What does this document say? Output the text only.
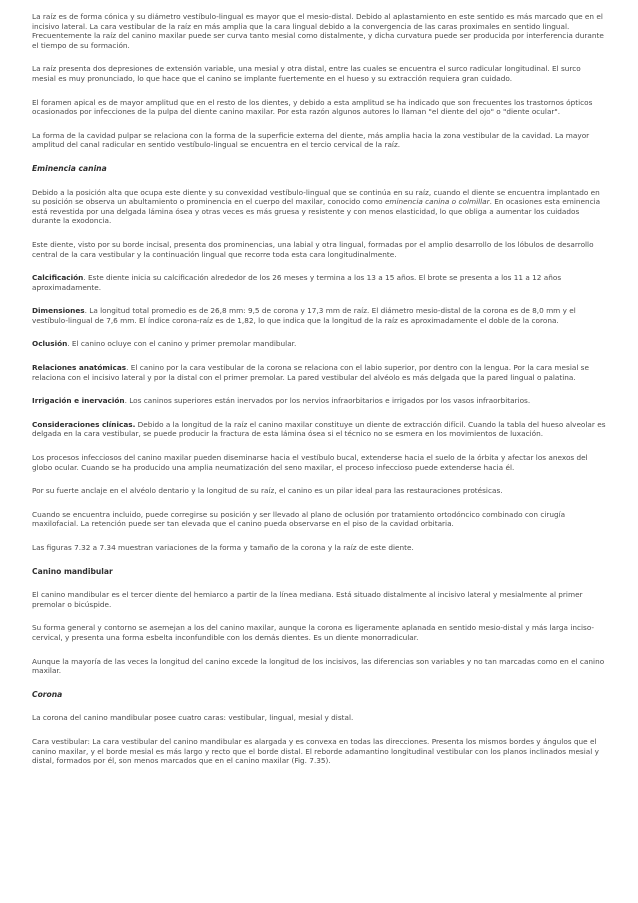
La raíz es de forma cónica y su diámetro vestíbulo-lingual es mayor que el mesio-distal. Debido al aplastamiento en este sentido es más marcado que en el incisivo lateral. La cara vestibular de la raíz en más amplia que la cara lingual debido a la convergencia de las caras proximales en sentido lingual. Frecuentemente la raíz del canino maxilar puede ser curva tanto mesial como distalmente, y dicha curvatura puede ser producida por interferencia durante el tiempo de su formación.

La raíz presenta dos depresiones de extensión variable, una mesial y otra distal, entre las cuales se encuentra el surco radicular longitudinal. El surco mesial es muy pronunciado, lo que hace que el canino se implante fuertemente en el hueso y su extracción requiera gran cuidado.

El foramen apical es de mayor amplitud que en el resto de los dientes, y debido a esta amplitud se ha indicado que son frecuentes los trastornos ópticos ocasionados por infecciones de la pulpa del diente canino maxilar. Por esta razón algunos autores lo llaman "el diente del ojo" o "diente ocular".

La forma de la cavidad pulpar se relaciona con la forma de la superficie externa del diente, más amplia hacia la zona vestibular de la cavidad. La mayor amplitud del canal radicular en sentido vestíbulo-lingual se encuentra en el tercio cervical de la raíz.

Eminencia canina

Debido a la posición alta que ocupa este diente y su convexidad vestíbulo-lingual que se continúa en su raíz, cuando el diente se encuentra implantado en su posición se observa un abultamiento o prominencia en el cuerpo del maxilar, conocido como eminencia canina o colmillar. En ocasiones esta eminencia está revestida por una delgada lámina ósea y otras veces es más gruesa y resistente y con menos elasticidad, lo que obliga a aumentar los cuidados durante la exodoncia.

Este diente, visto por su borde incisal, presenta dos prominencias, una labial y otra lingual, formadas por el amplio desarrollo de los lóbulos de desarrollo central de la cara vestibular y la continuación lingual que recorre toda esta cara longitudinalmente.

Calcificación. Este diente inicia su calcificación alrededor de los 26 meses y termina a los 13 a 15 años. El brote se presenta a los 11 a 12 años aproximadamente.

Dimensiones. La longitud total promedio es de 26,8 mm: 9,5 de corona y 17,3 mm de raíz. El diámetro mesio-distal de la corona es de 8,0 mm y el vestíbulo-lingual de 7,6 mm. El índice corona-raíz es de 1,82, lo que indica que la longitud de la raíz es aproximadamente el doble de la corona.

Oclusión. El canino ocluye con el canino y primer premolar mandibular.

Relaciones anatómicas. El canino por la cara vestibular de la corona se relaciona con el labio superior, por dentro con la lengua. Por la cara mesial se relaciona con el incisivo lateral y por la distal con el primer premolar. La pared vestibular del alvéolo es más delgada que la pared lingual o palatina.

Irrigación e inervación. Los caninos superiores están inervados por los nervios infraorbitarios e irrigados por los vasos infraorbitarios.

Consideraciones clínicas. Debido a la longitud de la raíz el canino maxilar constituye un diente de extracción difícil. Cuando la tabla del hueso alveolar es delgada en la cara vestibular, se puede producir la fractura de esta lámina ósea si el técnico no se esmera en los movimientos de luxación.

Los procesos infecciosos del canino maxilar pueden diseminarse hacia el vestíbulo bucal, extenderse hacia el suelo de la órbita y afectar los anexos del globo ocular. Cuando se ha producido una amplia neumatización del seno maxilar, el proceso infeccioso puede extenderse hacia él.

Por su fuerte anclaje en el alvéolo dentario y la longitud de su raíz, el canino es un pilar ideal para las restauraciones protésicas.

Cuando se encuentra incluido, puede corregirse su posición y ser llevado al plano de oclusión por tratamiento ortodóncico combinado con cirugía maxilofacial. La retención puede ser tan elevada que el canino pueda observarse en el piso de la cavidad orbitaria.

Las figuras 7.32 a 7.34 muestran variaciones de la forma y tamaño de la corona y la raíz de este diente.

Canino mandibular

El canino mandibular es el tercer diente del hemiarco a partir de la línea mediana. Está situado distalmente al incisivo lateral y mesialmente al primer premolar o bicúspide.

Su forma general y contorno se asemejan a los del canino maxilar, aunque la corona es ligeramente aplanada en sentido mesio-distal y más larga inciso-cervical, y presenta una forma esbelta inconfundible con los demás dientes. Es un diente monorradicular.

Aunque la mayoría de las veces la longitud del canino excede la longitud de los incisivos, las diferencias son variables y no tan marcadas como en el canino maxilar.

Corona

La corona del canino mandibular posee cuatro caras: vestibular, lingual, mesial y distal.

Cara vestibular: La cara vestibular del canino mandibular es alargada y es convexa en todas las direcciones. Presenta los mismos bordes y ángulos que el canino maxilar, y el borde mesial es más largo y recto que el borde distal. El reborde adamantino longitudinal vestibular con los planos inclinados mesial y distal, formados por él, son menos marcados que en el canino maxilar (Fig. 7.35).
